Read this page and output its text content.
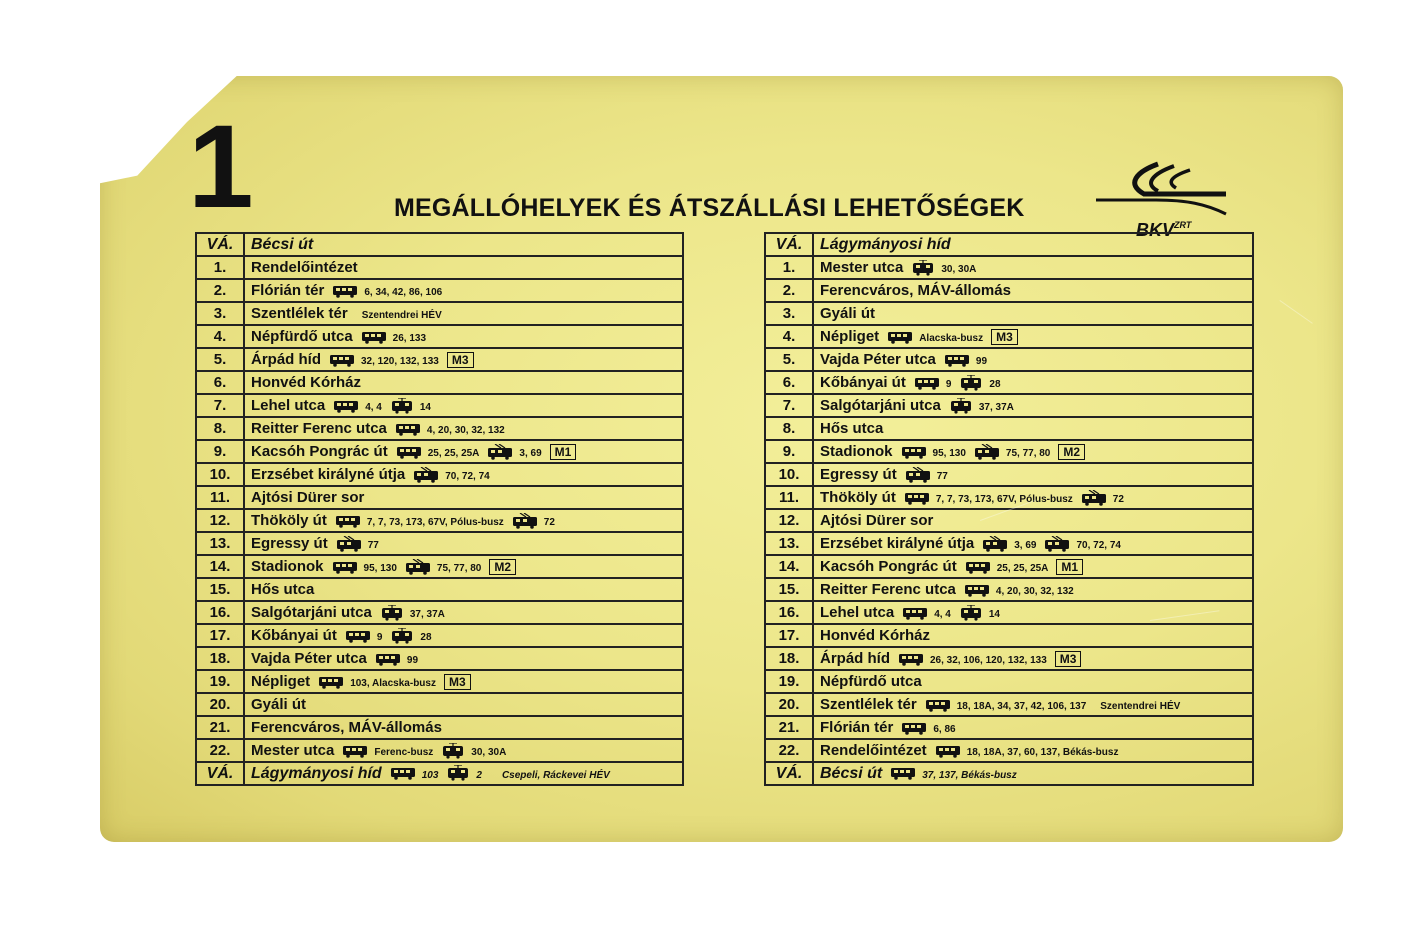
1	MEGÁLLÓHELYEK ÉS ÁTSZÁLLÁSI LEHETŐSÉGEK
$BKV^{ZRT}$
VÁ.	Bécsi út
1.	Rendelőintézet
2.	Flórián tér 6, 34, 42, 86, 106
3.	Szentlélek tér Szentendrei HÉV
4.	Népfürdő utca 26, 133
5.	Árpád híd 32, 120, 132, 133 M3
6.	Honvéd Kórház
7.	Lehel utca 4, 4 14
8.	Reitter Ferenc utca 4, 20, 30, 32, 132
9.	Kacsóh Pongrác út 25, 25, 25A 3, 69 M1
10.	Erzsébet királyné útja 70, 72, 74
11.	Ajtósi Dürer sor
12.	Thököly út 7, 7, 73, 173, 67V, Pólus-busz 72
13.	Egressy út 77
14.	Stadionok 95, 130 75, 77, 80 M2
15.	Hős utca
16.	Salgótarjáni utca 37, 37A
17.	Kőbányai út 9 28
18.	Vajda Péter utca 99
19.	Népliget 103, Alacska-busz M3
20.	Gyáli út
21.	Ferencváros, MÁV-állomás
22.	Mester utca Ferenc-busz 30, 30A
VÁ.	Lágymányosi híd 103 2 Csepeli, Ráckevei HÉV
VÁ.	Lágymányosi híd
1.	Mester utca 30, 30A
2.	Ferencváros, MÁV-állomás
3.	Gyáli út
4.	Népliget Alacska-busz M3
5.	Vajda Péter utca 99
6.	Kőbányai út 9 28
7.	Salgótarjáni utca 37, 37A
8.	Hős utca
9.	Stadionok 95, 130 75, 77, 80 M2
10.	Egressy út 77
11.	Thököly út 7, 7, 73, 173, 67V, Pólus-busz 72
12.	Ajtósi Dürer sor
13.	Erzsébet királyné útja 3, 69 70, 72, 74
14.	Kacsóh Pongrác út 25, 25, 25A M1
15.	Reitter Ferenc utca 4, 20, 30, 32, 132
16.	Lehel utca 4, 4 14
17.	Honvéd Kórház
18.	Árpád híd 26, 32, 106, 120, 132, 133 M3
19.	Népfürdő utca
20.	Szentlélek tér 18, 18A, 34, 37, 42, 106, 137 Szentendrei HÉV
21.	Flórián tér 6, 86
22.	Rendelőintézet 18, 18A, 37, 60, 137, Békás-busz
VÁ.	Bécsi út 37, 137, Békás-busz
